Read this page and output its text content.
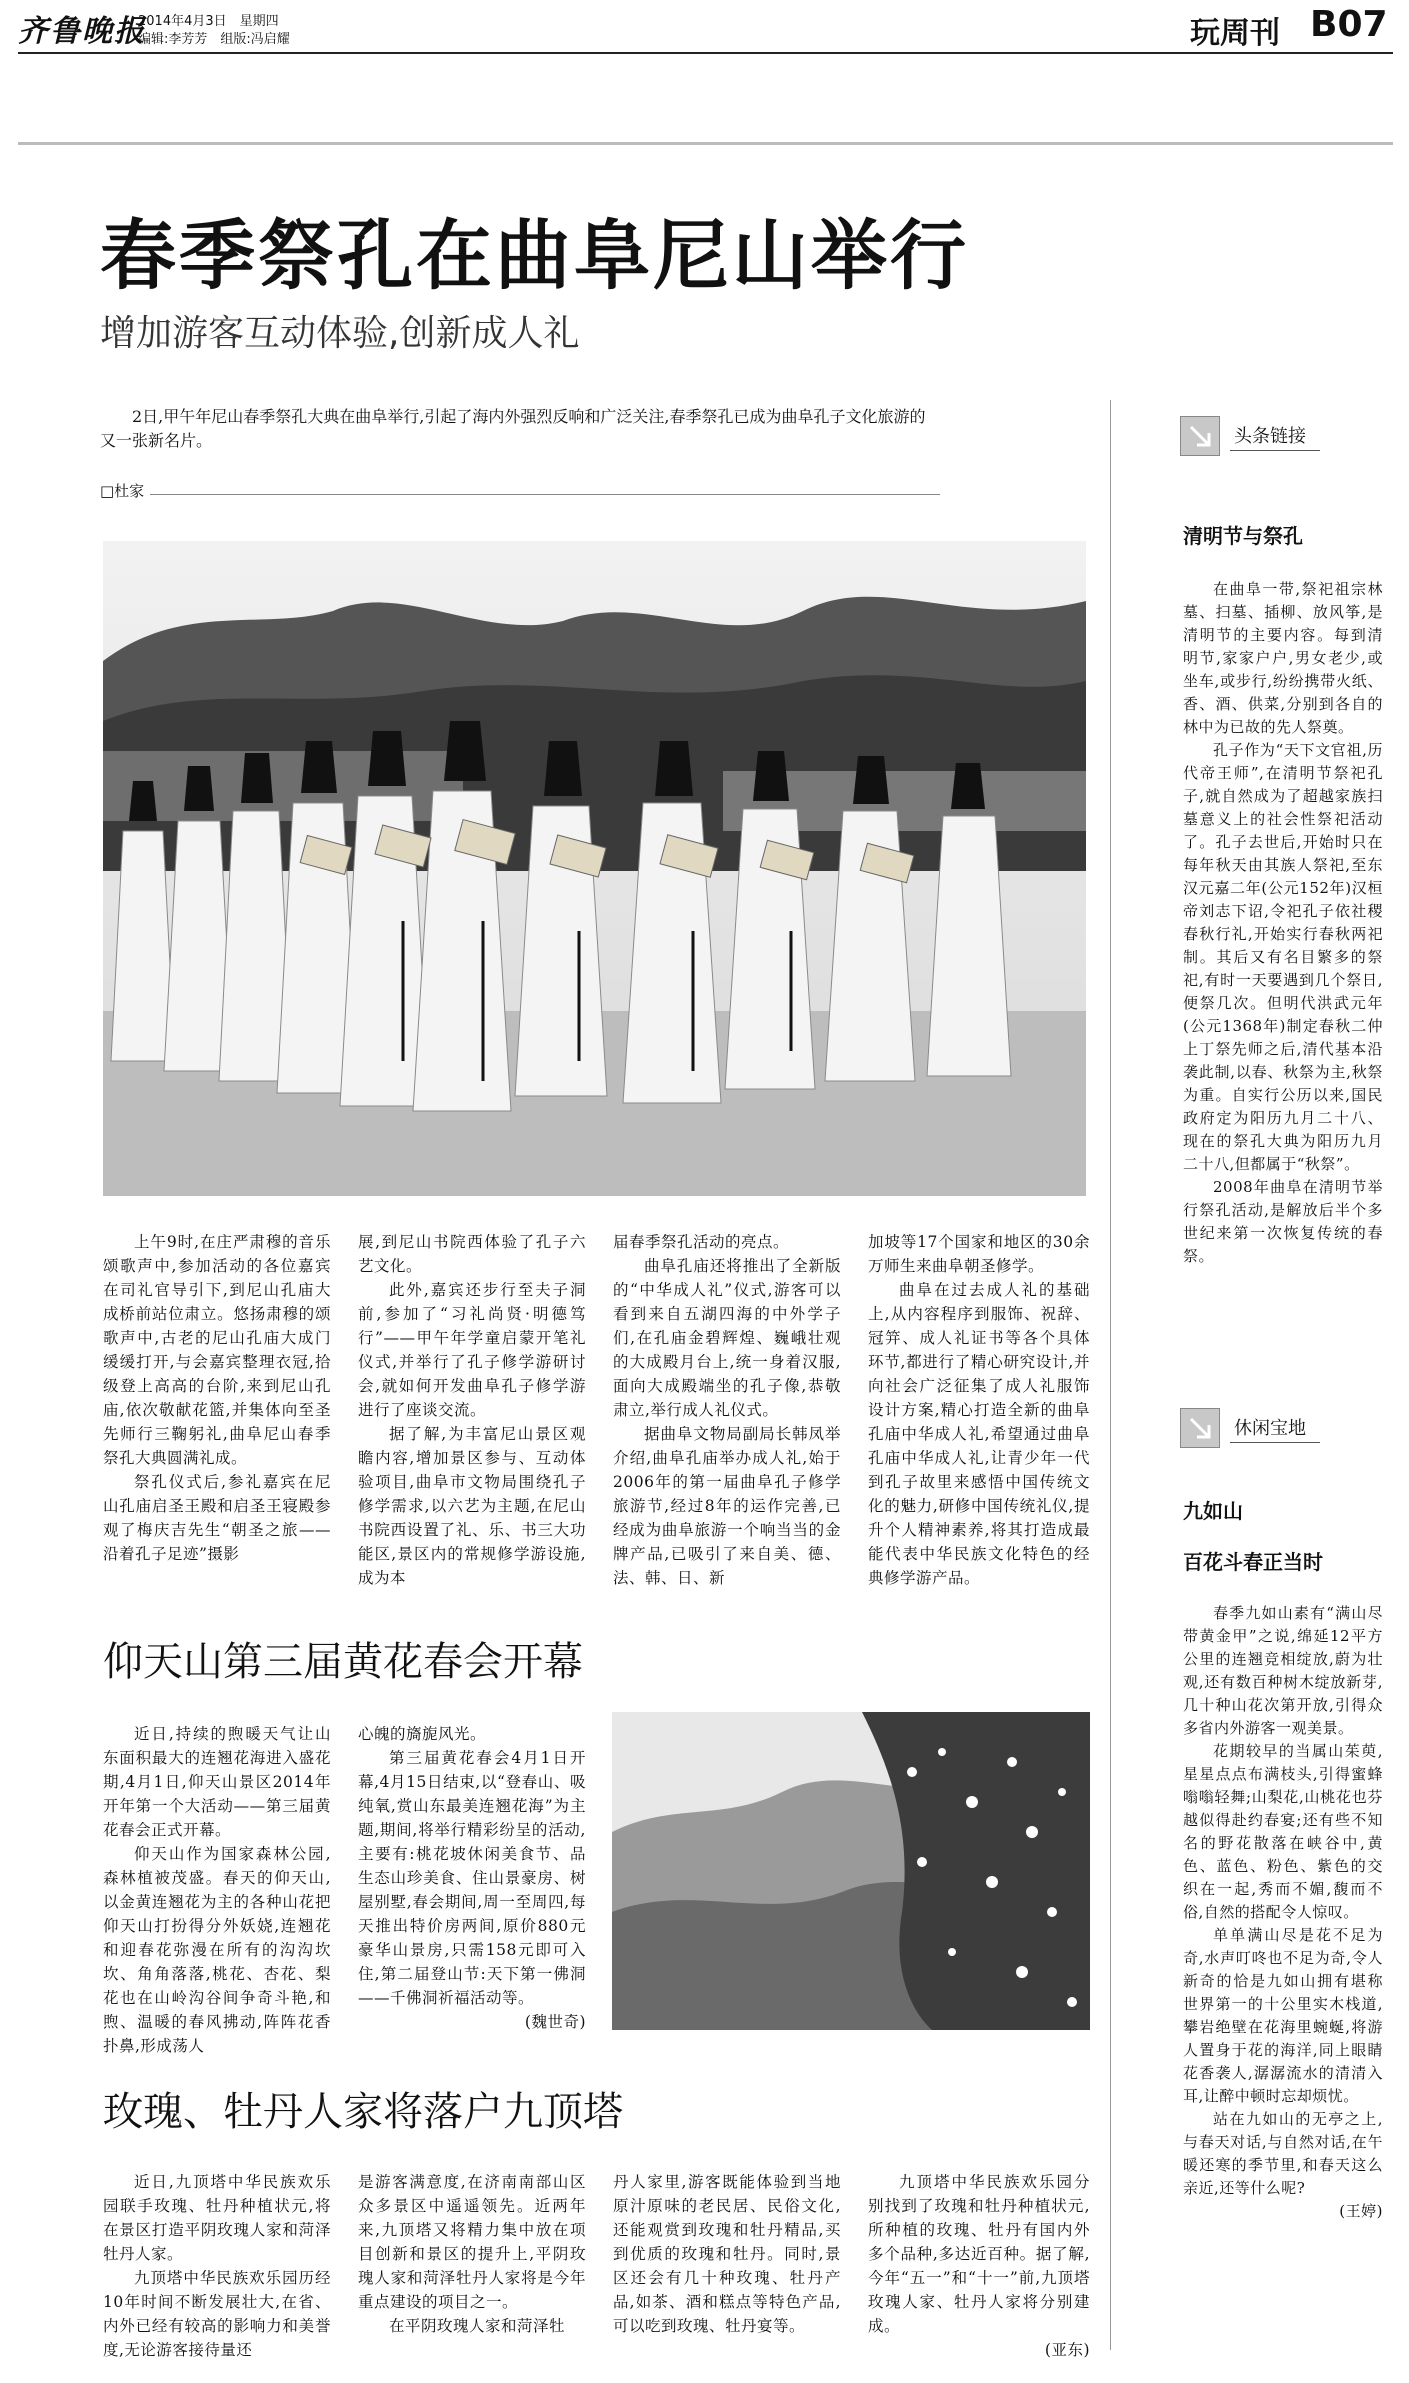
齐鲁晚报
2014年4月3日　星期四
编辑:李芳芳　组版:冯启耀	玩周刊 B07
春季祭孔在曲阜尼山举行
增加游客互动体验,创新成人礼
2日,甲午年尼山春季祭孔大典在曲阜举行,引起了海内外强烈反响和广泛关注,春季祭孔已成为曲阜孔子文化旅游的又一张新名片。
□杜家

上午9时,在庄严肃穆的音乐颂歌声中,参加活动的各位嘉宾在司礼官导引下,到尼山孔庙大成桥前站位肃立。悠扬肃穆的颂歌声中,古老的尼山孔庙大成门缓缓打开,与会嘉宾整理衣冠,拾级登上高高的台阶,来到尼山孔庙,依次敬献花篮,并集体向至圣先师行三鞠躬礼,曲阜尼山春季祭孔大典圆满礼成。

祭孔仪式后,参礼嘉宾在尼山孔庙启圣王殿和启圣王寝殿参观了梅庆吉先生“朝圣之旅——沿着孔子足迹”摄影

展,到尼山书院西体验了孔子六艺文化。

此外,嘉宾还步行至夫子洞前,参加了“习礼尚贤·明德笃行”——甲午年学童启蒙开笔礼仪式,并举行了孔子修学游研讨会,就如何开发曲阜孔子修学游进行了座谈交流。

据了解,为丰富尼山景区观瞻内容,增加景区参与、互动体验项目,曲阜市文物局围绕孔子修学需求,以六艺为主题,在尼山书院西设置了礼、乐、书三大功能区,景区内的常规修学游设施,成为本

届春季祭孔活动的亮点。

曲阜孔庙还将推出了全新版的“中华成人礼”仪式,游客可以看到来自五湖四海的中外学子们,在孔庙金碧辉煌、巍峨壮观的大成殿月台上,统一身着汉服,面向大成殿端坐的孔子像,恭敬肃立,举行成人礼仪式。

据曲阜文物局副局长韩凤举介绍,曲阜孔庙举办成人礼,始于2006年的第一届曲阜孔子修学旅游节,经过8年的运作完善,已经成为曲阜旅游一个响当当的金牌产品,已吸引了来自美、德、法、韩、日、新

加坡等17个国家和地区的30余万师生来曲阜朝圣修学。

曲阜在过去成人礼的基础上,从内容程序到服饰、祝辞、冠笄、成人礼证书等各个具体环节,都进行了精心研究设计,并向社会广泛征集了成人礼服饰设计方案,精心打造全新的曲阜孔庙中华成人礼,希望通过曲阜孔庙中华成人礼,让青少年一代到孔子故里来感悟中国传统文化的魅力,研修中国传统礼仪,提升个人精神素养,将其打造成最能代表中华民族文化特色的经典修学游产品。

头条链接
清明节与祭孔

在曲阜一带,祭祀祖宗林墓、扫墓、插柳、放风筝,是清明节的主要内容。每到清明节,家家户户,男女老少,或坐车,或步行,纷纷携带火纸、香、酒、供菜,分别到各自的林中为已故的先人祭奠。

孔子作为“天下文官祖,历代帝王师”,在清明节祭祀孔子,就自然成为了超越家族扫墓意义上的社会性祭祀活动了。孔子去世后,开始时只在每年秋天由其族人祭祀,至东汉元嘉二年(公元152年)汉桓帝刘志下诏,令祀孔子依社稷春秋行礼,开始实行春秋两祀制。其后又有名目繁多的祭祀,有时一天要遇到几个祭日,便祭几次。但明代洪武元年(公元1368年)制定春秋二仲上丁祭先师之后,清代基本沿袭此制,以春、秋祭为主,秋祭为重。自实行公历以来,国民政府定为阳历九月二十八、现在的祭孔大典为阳历九月二十八,但都属于“秋祭”。

2008年曲阜在清明节举行祭孔活动,是解放后半个多世纪来第一次恢复传统的春祭。

休闲宝地
九如山
百花斗春正当时

春季九如山素有“满山尽带黄金甲”之说,绵延12平方公里的连翘竞相绽放,蔚为壮观,还有数百种树木绽放新芽,几十种山花次第开放,引得众多省内外游客一观美景。

花期较早的当属山茱萸,星星点点布满枝头,引得蜜蜂嗡嗡轻舞;山梨花,山桃花也芬越似得赴约春宴;还有些不知名的野花散落在峡谷中,黄色、蓝色、粉色、紫色的交织在一起,秀而不媚,馥而不俗,自然的搭配令人惊叹。

单单满山尽是花不足为奇,水声叮咚也不足为奇,令人新奇的恰是九如山拥有堪称世界第一的十公里实木栈道,攀岩绝壁在花海里蜿蜒,将游人置身于花的海洋,同上眼睛花香袭人,潺潺流水的清清入耳,让醉中顿时忘却烦忧。

站在九如山的无亭之上,与春天对话,与自然对话,在午暖还寒的季节里,和春天这么亲近,还等什么呢?

(王婷)
仰天山第三届黄花春会开幕

近日,持续的煦暖天气让山东面积最大的连翘花海进入盛花期,4月1日,仰天山景区2014年开年第一个大活动——第三届黄花春会正式开幕。

仰天山作为国家森林公园,森林植被茂盛。春天的仰天山,以金黄连翘花为主的各种山花把仰天山打扮得分外妖娆,连翘花和迎春花弥漫在所有的沟沟坎坎、角角落落,桃花、杏花、梨花也在山岭沟谷间争奇斗艳,和煦、温暖的春风拂动,阵阵花香扑鼻,形成荡人

心魄的旖旎风光。

第三届黄花春会4月1日开幕,4月15日结束,以“登春山、吸纯氧,赏山东最美连翘花海”为主题,期间,将举行精彩纷呈的活动,主要有:桃花坡休闲美食节、品生态山珍美食、住山景豪房、树屋别墅,春会期间,周一至周四,每天推出特价房两间,原价880元豪华山景房,只需158元即可入住,第二届登山节:天下第一佛洞——千佛洞祈福活动等。

(魏世奇)
玫瑰、牡丹人家将落户九顶塔

近日,九顶塔中华民族欢乐园联手玫瑰、牡丹种植状元,将在景区打造平阴玫瑰人家和菏泽牡丹人家。

九顶塔中华民族欢乐园历经10年时间不断发展壮大,在省、内外已经有较高的影响力和美誉度,无论游客接待量还

是游客满意度,在济南南部山区众多景区中遥遥领先。近两年来,九顶塔又将精力集中放在项目创新和景区的提升上,平阴玫瑰人家和菏泽牡丹人家将是今年重点建设的项目之一。

在平阴玫瑰人家和菏泽牡

丹人家里,游客既能体验到当地原汁原味的老民居、民俗文化,还能观赏到玫瑰和牡丹精品,买到优质的玫瑰和牡丹。同时,景区还会有几十种玫瑰、牡丹产品,如茶、酒和糕点等特色产品,可以吃到玫瑰、牡丹宴等。

九顶塔中华民族欢乐园分别找到了玫瑰和牡丹种植状元,所种植的玫瑰、牡丹有国内外多个品种,多达近百种。据了解,今年“五一”和“十一”前,九顶塔玫瑰人家、牡丹人家将分别建成。

(亚东)
